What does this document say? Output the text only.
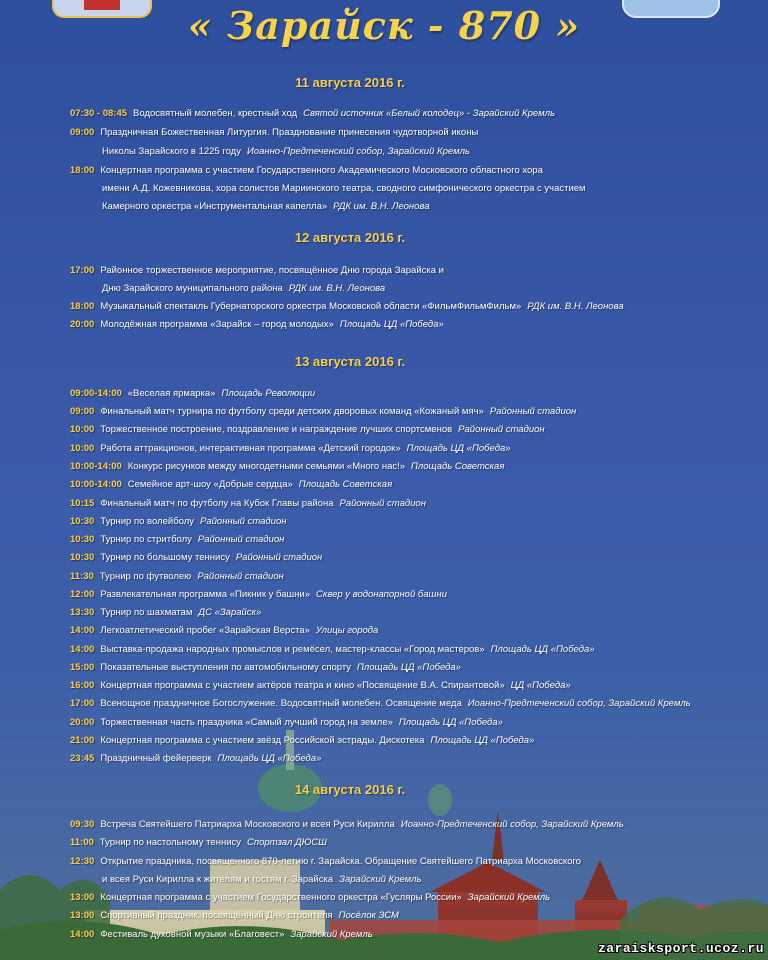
« Зарайск - 870 »
11 августа 2016 г.
12 августа 2016 г.
13 августа 2016 г.
14 августа 2016 г.
07:30 - 08:45 Водосвятный молебен, крестный ход Святой источник «Белый колодец» - Зарайский Кремль
09:00 Праздничная Божественная Литургия. Празднование принесения чудотворной иконы
Николы Зарайского в 1225 году Иоанно-Предтеченский собор, Зарайский Кремль
18:00 Концертная программа с участием Государственного Академического Московского областного хора
имени А.Д. Кожевникова, хора солистов Мариинского театра, сводного симфонического оркестра с участием
Камерного оркестра «Инструментальная капелла» РДК им. В.Н. Леонова
17:00 Районное торжественное мероприятие, посвящённое Дню города Зарайска и
Дню Зарайского муниципального района РДК им. В.Н. Леонова
18:00 Музыкальный спектакль Губернаторского оркестра Московской области «ФильмФильмФильм» РДК им. В.Н. Леонова
20:00 Молодёжная программа «Зарайск – город молодых» Площадь ЦД «Победа»
09:00-14:00 «Веселая ярмарка» Площадь Революции
09:00 Финальный матч турнира по футболу среди детских дворовых команд «Кожаный мяч» Районный стадион
10:00 Торжественное построение, поздравление и награждение лучших спортсменов Районный стадион
10:00 Работа аттракционов, интерактивная программа «Детский городок» Площадь ЦД «Победа»
10:00-14:00 Конкурс рисунков между многодетными семьями «Много нас!» Площадь Советская
10:00-14:00 Семейное арт-шоу «Добрые сердца» Площадь Советская
10:15 Финальный матч по футболу на Кубок Главы района Районный стадион
10:30 Турнир по волейболу Районный стадион
10:30 Турнир по стритболу Районный стадион
10:30 Турнир по большому теннису Районный стадион
11:30 Турнир по футволею Районный стадион
12:00 Развлекательная программа «Пикник у башни» Сквер у водонапорной башни
13:30 Турнир по шахматам ДС «Зарайск»
14:00 Легкоатлетический пробег «Зарайская Верста» Улицы города
14:00 Выставка-продажа народных промыслов и ремёсел, мастер-классы «Город мастеров» Площадь ЦД «Победа»
15:00 Показательные выступления по автомобильному спорту Площадь ЦД «Победа»
16:00 Концертная программа с участием актёров театра и кино «Посвящение В.А. Спирантовой» ЦД «Победа»
17:00 Всенощное праздничное Богослужение. Водосвятный молебен. Освящение меда Иоанно-Предтеченский собор, Зарайский Кремль
20:00 Торжественная часть праздника «Самый лучший город на земле» Площадь ЦД «Победа»
21:00 Концертная программа с участием звёзд Российской эстрады. Дискотека Площадь ЦД «Победа»
23:45 Праздничный фейерверк Площадь ЦД «Победа»
09:30 Встреча Святейшего Патриарха Московского и всея Руси Кирилла Иоанно-Предтеченский собор, Зарайский Кремль
11:00 Турнир по настольному теннису Спортзал ДЮСШ
12:30 Открытие праздника, посвященного 870-летию г. Зарайска. Обращение Святейшего Патриарха Московского
и всея Руси Кирилла к жителям и гостям г. Зарайска Зарайский Кремль
13:00 Концертная программа с участием Государственного оркестра «Гусляры России» Зарайский Кремль
13:00 Спортивный праздник, посвящённый Дню строителя Посёлок ЗСМ
14:00 Фестиваль духовной музыки «Благовест» Зарайский Кремль
zaraisksport.ucoz.ru
